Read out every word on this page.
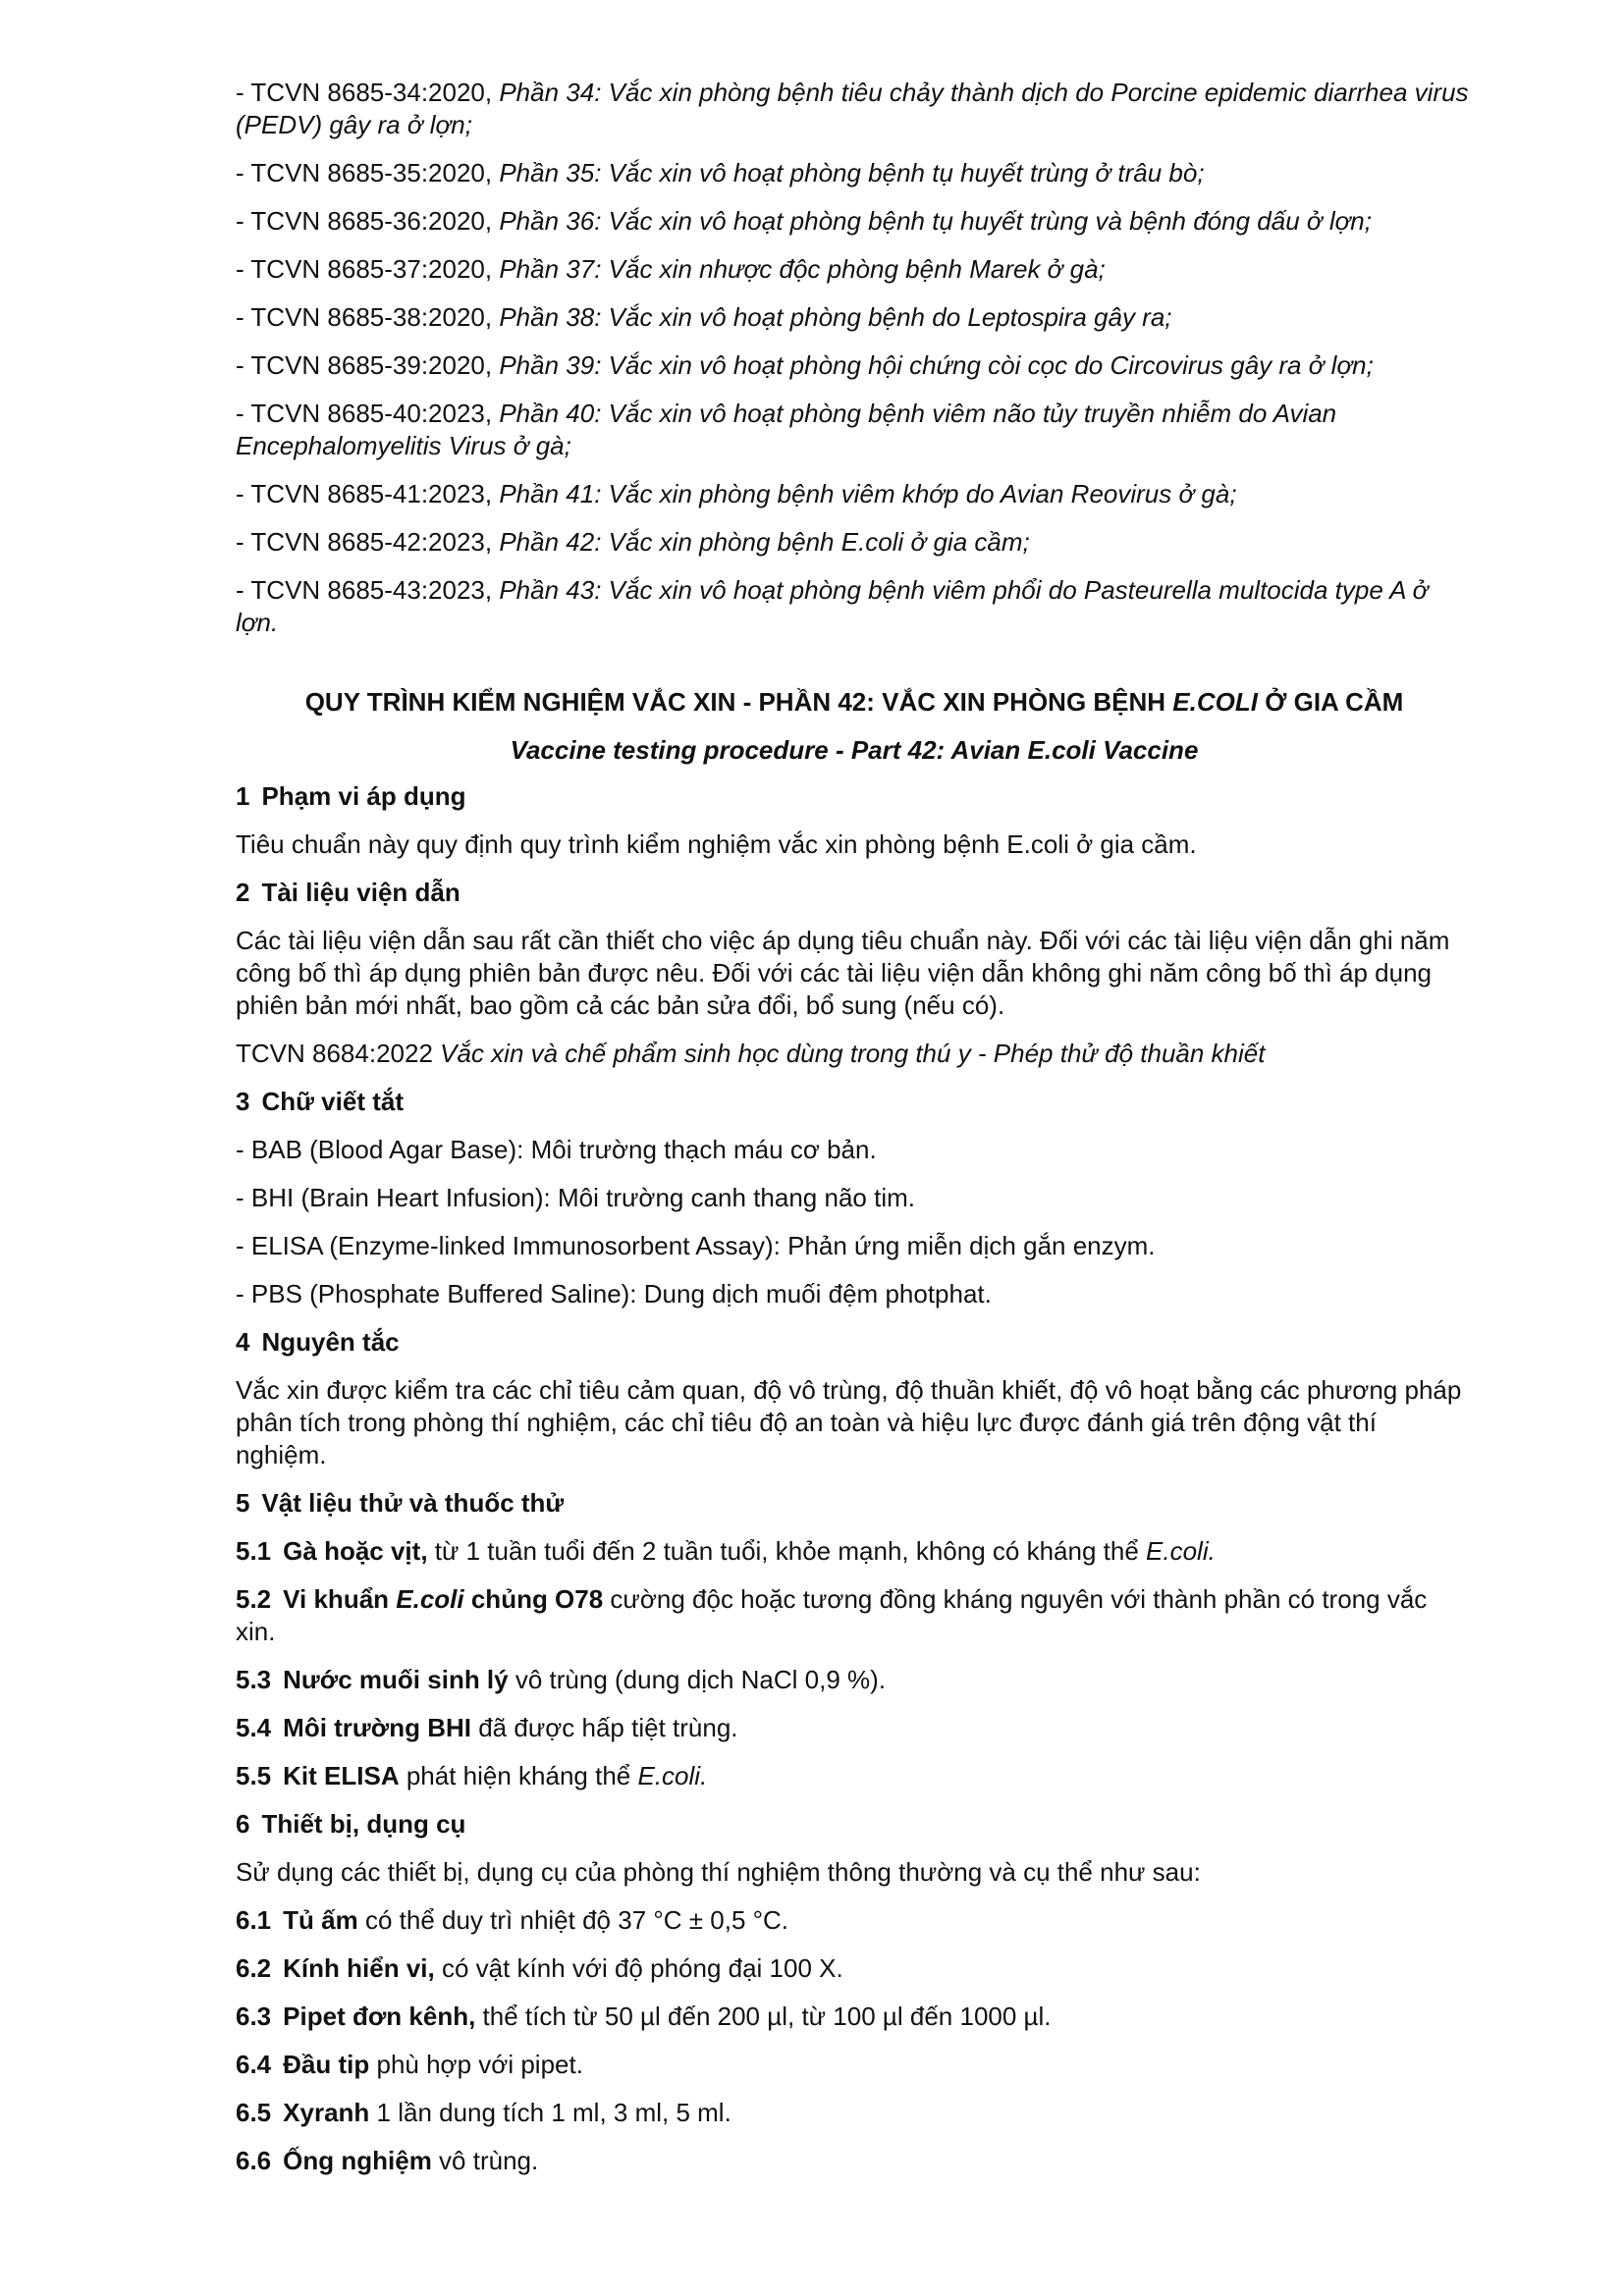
- TCVN 8685-34:2020, Phần 34: Vắc xin phòng bệnh tiêu chảy thành dịch do Porcine epidemic diarrhea virus (PEDV) gây ra ở lợn;

- TCVN 8685-35:2020, Phần 35: Vắc xin vô hoạt phòng bệnh tụ huyết trùng ở trâu bò;

- TCVN 8685-36:2020, Phần 36: Vắc xin vô hoạt phòng bệnh tụ huyết trùng và bệnh đóng dấu ở lợn;

- TCVN 8685-37:2020, Phần 37: Vắc xin nhược độc phòng bệnh Marek ở gà;

- TCVN 8685-38:2020, Phần 38: Vắc xin vô hoạt phòng bệnh do Leptospira gây ra;

- TCVN 8685-39:2020, Phần 39: Vắc xin vô hoạt phòng hội chứng còi cọc do Circovirus gây ra ở lợn;

- TCVN 8685-40:2023, Phần 40: Vắc xin vô hoạt phòng bệnh viêm não tủy truyền nhiễm do Avian Encephalomyelitis Virus ở gà;

- TCVN 8685-41:2023, Phần 41: Vắc xin phòng bệnh viêm khớp do Avian Reovirus ở gà;

- TCVN 8685-42:2023, Phần 42: Vắc xin phòng bệnh E.coli ở gia cầm;

- TCVN 8685-43:2023, Phần 43: Vắc xin vô hoạt phòng bệnh viêm phổi do Pasteurella multocida type A ở lợn.

QUY TRÌNH KIỂM NGHIỆM VẮC XIN - PHẦN 42: VẮC XIN PHÒNG BỆNH E.COLI Ở GIA CẦM

Vaccine testing procedure - Part 42: Avian E.coli Vaccine

1 Phạm vi áp dụng

Tiêu chuẩn này quy định quy trình kiểm nghiệm vắc xin phòng bệnh E.coli ở gia cầm.

2 Tài liệu viện dẫn

Các tài liệu viện dẫn sau rất cần thiết cho việc áp dụng tiêu chuẩn này. Đối với các tài liệu viện dẫn ghi năm công bố thì áp dụng phiên bản được nêu. Đối với các tài liệu viện dẫn không ghi năm công bố thì áp dụng phiên bản mới nhất, bao gồm cả các bản sửa đổi, bổ sung (nếu có).

TCVN 8684:2022 Vắc xin và chế phẩm sinh học dùng trong thú y - Phép thử độ thuần khiết

3 Chữ viết tắt

- BAB (Blood Agar Base): Môi trường thạch máu cơ bản.

- BHI (Brain Heart Infusion): Môi trường canh thang não tim.

- ELISA (Enzyme-linked Immunosorbent Assay): Phản ứng miễn dịch gắn enzym.

- PBS (Phosphate Buffered Saline): Dung dịch muối đệm photphat.

4 Nguyên tắc

Vắc xin được kiểm tra các chỉ tiêu cảm quan, độ vô trùng, độ thuần khiết, độ vô hoạt bằng các phương pháp phân tích trong phòng thí nghiệm, các chỉ tiêu độ an toàn và hiệu lực được đánh giá trên động vật thí nghiệm.

5 Vật liệu thử và thuốc thử

5.1 Gà hoặc vịt, từ 1 tuần tuổi đến 2 tuần tuổi, khỏe mạnh, không có kháng thể E.coli.

5.2 Vi khuẩn E.coli chủng O78 cường độc hoặc tương đồng kháng nguyên với thành phần có trong vắc xin.

5.3 Nước muối sinh lý vô trùng (dung dịch NaCl 0,9 %).

5.4 Môi trường BHI đã được hấp tiệt trùng.

5.5 Kit ELISA phát hiện kháng thể E.coli.

6 Thiết bị, dụng cụ

Sử dụng các thiết bị, dụng cụ của phòng thí nghiệm thông thường và cụ thể như sau:

6.1 Tủ ấm có thể duy trì nhiệt độ 37 °C ± 0,5 °C.

6.2 Kính hiển vi, có vật kính với độ phóng đại 100 X.

6.3 Pipet đơn kênh, thể tích từ 50 µl đến 200 µl, từ 100 µl đến 1000 µl.

6.4 Đầu tip phù hợp với pipet.

6.5 Xyranh 1 lần dung tích 1 ml, 3 ml, 5 ml.

6.6 Ống nghiệm vô trùng.
